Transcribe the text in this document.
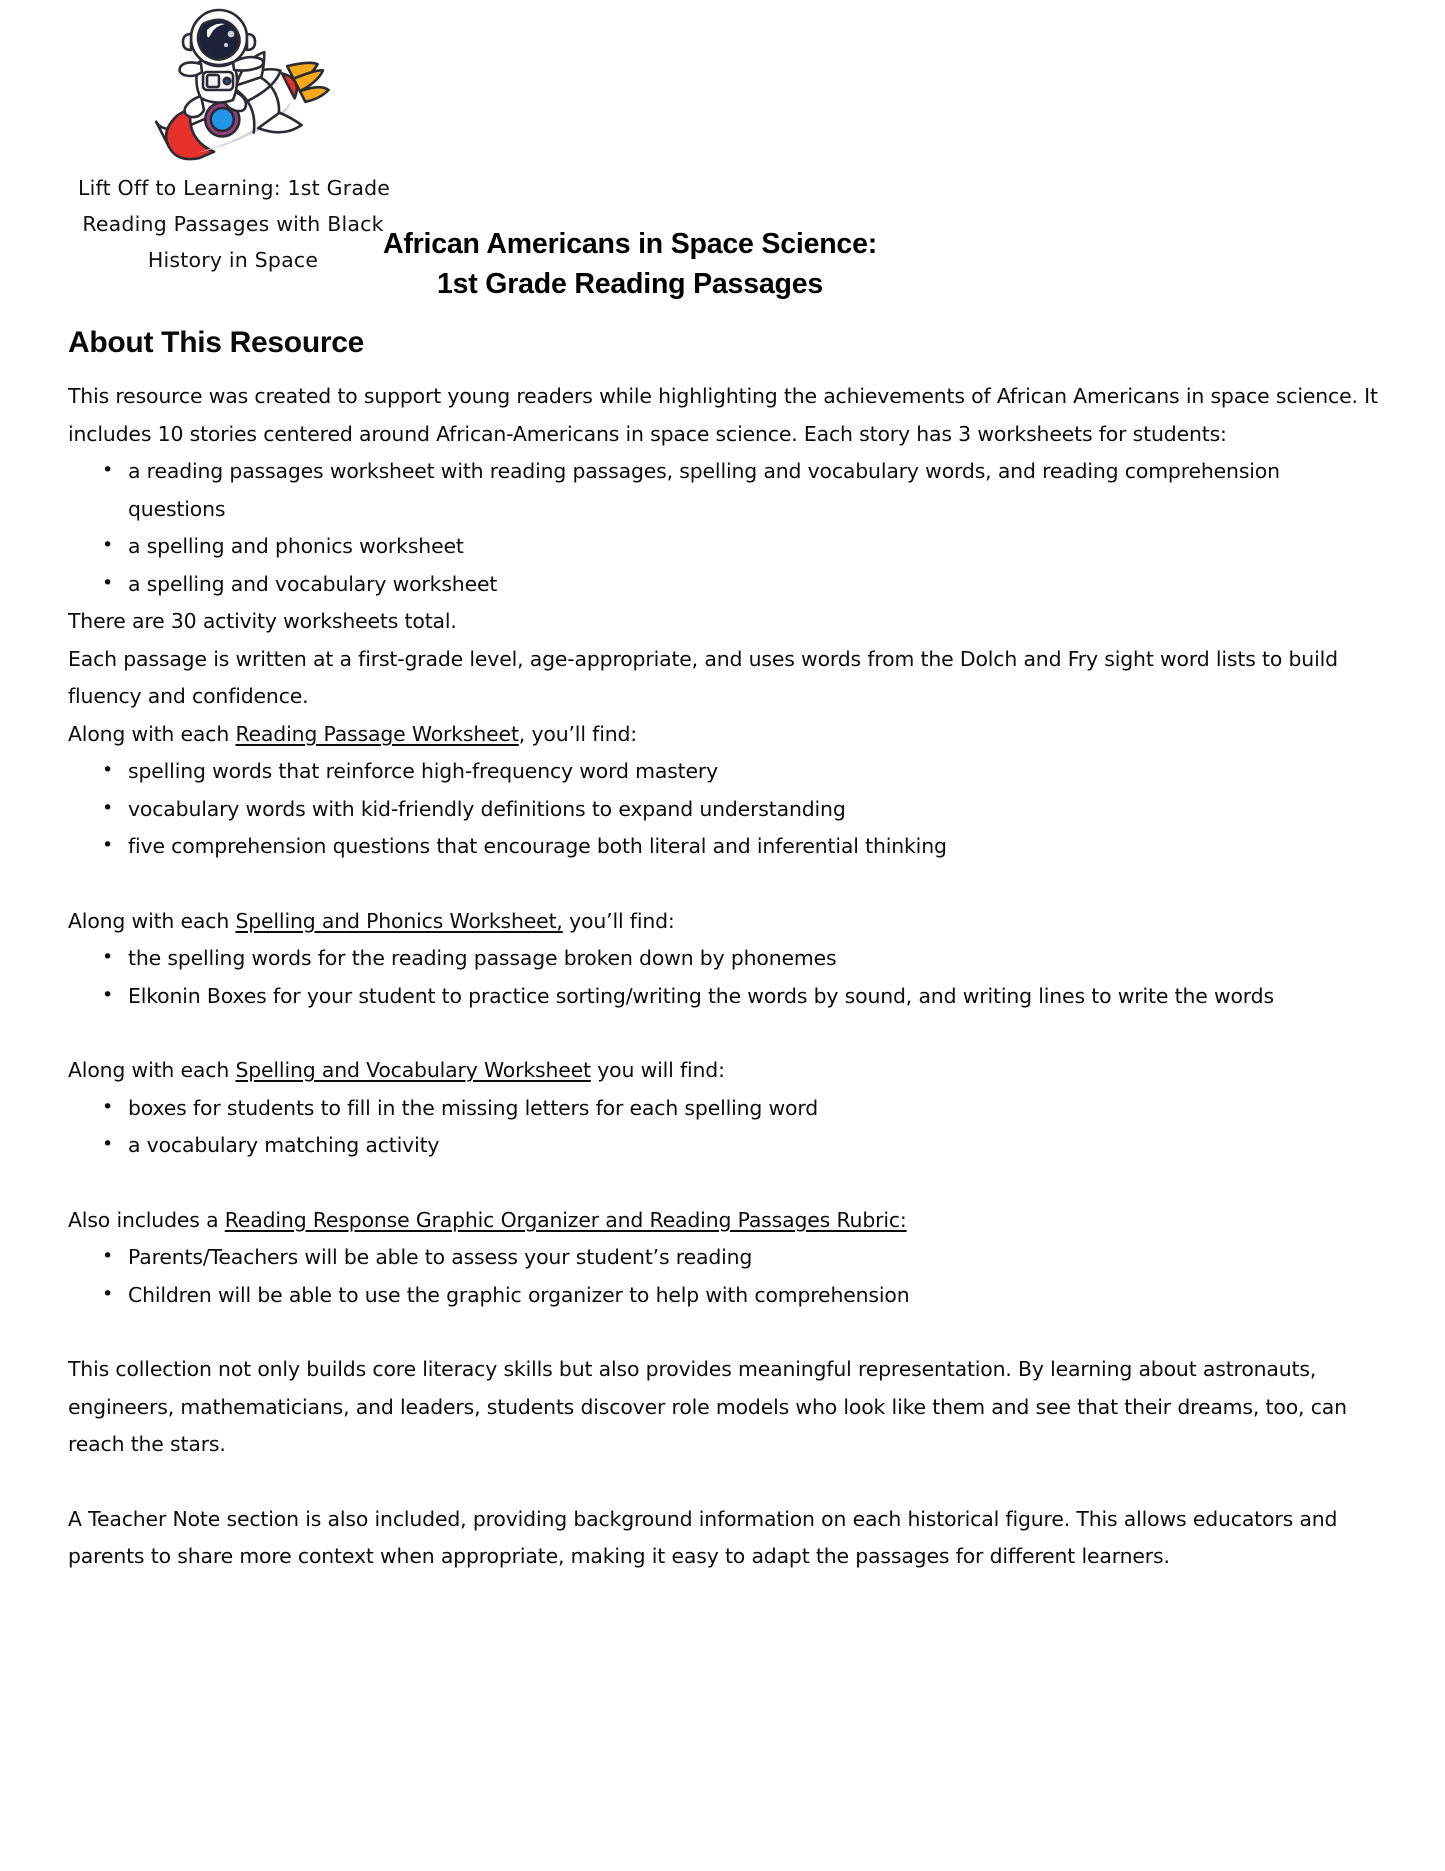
Lift Off to Learning: 1st Grade
Reading Passages with Black
History in Space	African Americans in Space Science:
1st Grade Reading Passages
About This Resource

This resource was created to support young readers while highlighting the achievements of African Americans in space science. It includes 10 stories centered around African-Americans in space science. Each story has 3 worksheets for students:

• a reading passages worksheet with reading passages, spelling and vocabulary words, and reading comprehension questions
• a spelling and phonics worksheet
• a spelling and vocabulary worksheet

There are 30 activity worksheets total.

Each passage is written at a first-grade level, age-appropriate, and uses words from the Dolch and Fry sight word lists to build fluency and confidence.

Along with each Reading Passage Worksheet, you’ll find:

• spelling words that reinforce high-frequency word mastery
• vocabulary words with kid-friendly definitions to expand understanding
• five comprehension questions that encourage both literal and inferential thinking

Along with each Spelling and Phonics Worksheet, you’ll find:

• the spelling words for the reading passage broken down by phonemes
• Elkonin Boxes for your student to practice sorting/writing the words by sound, and writing lines to write the words

Along with each Spelling and Vocabulary Worksheet you will find:

• boxes for students to fill in the missing letters for each spelling word
• a vocabulary matching activity

Also includes a Reading Response Graphic Organizer and Reading Passages Rubric:

• Parents/Teachers will be able to assess your student’s reading
• Children will be able to use the graphic organizer to help with comprehension

This collection not only builds core literacy skills but also provides meaningful representation. By learning about astronauts, engineers, mathematicians, and leaders, students discover role models who look like them and see that their dreams, too, can reach the stars.

A Teacher Note section is also included, providing background information on each historical figure. This allows educators and parents to share more context when appropriate, making it easy to adapt the passages for different learners.
